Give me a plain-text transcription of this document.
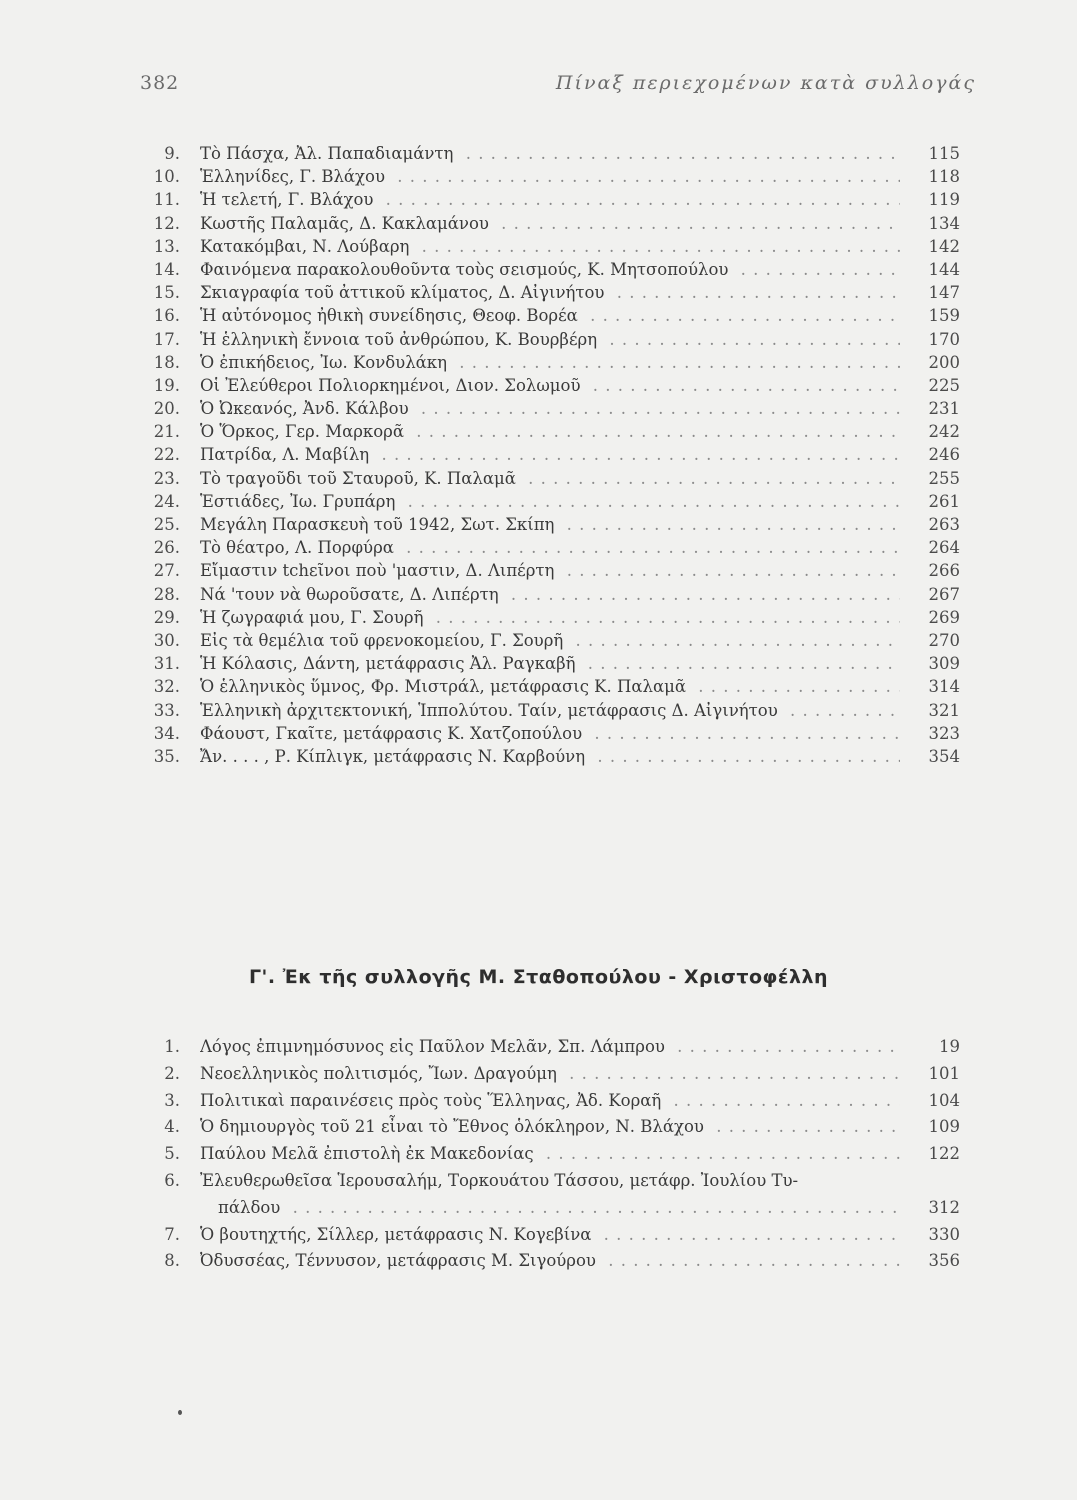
382	Πίναξ περιεχομένων κατὰ συλλογάς
9. Τὸ Πάσχα, Ἀλ. Παπαδιαμάντη . . .	115
10. Ἑλληνίδες, Γ. Βλάχου . . .	118
11. Ἡ τελετή, Γ. Βλάχου . . .	119
12. Κωστῆς Παλαμᾶς, Δ. Κακλαμάνου . . .	134
13. Κατακόμβαι, Ν. Λούβαρη . . .	142
14. Φαινόμενα παρακολουθοῦντα τοὺς σεισμούς, Κ. Μητσοπούλου . . .	144
15. Σκιαγραφία τοῦ ἀττικοῦ κλίματος, Δ. Αἰγινήτου . . .	147
16. Ἡ αὐτόνομος ἠθικὴ συνείδησις, Θεοφ. Βορέα . . .	159
17. Ἡ ἑλληνικὴ ἔννοια τοῦ ἀνθρώπου, Κ. Βουρβέρη . . .	170
18. Ὁ ἐπικήδειος, Ἰω. Κονδυλάκη . . .	200
19. Οἱ Ἐλεύθεροι Πολιορκημένοι, Διον. Σολωμοῦ . . .	225
20. Ὁ Ὠκεανός, Ἀνδ. Κάλβου . . .	231
21. Ὁ Ὅρκος, Γερ. Μαρκορᾶ . . .	242
22. Πατρίδα, Λ. Μαβίλη . . .	246
23. Τὸ τραγοῦδι τοῦ Σταυροῦ, Κ. Παλαμᾶ . . .	255
24. Ἑστιάδες, Ἰω. Γρυπάρη . . .	261
25. Μεγάλη Παρασκευὴ τοῦ 1942, Σωτ. Σκίπη . . .	263
26. Τὸ θέατρο, Λ. Πορφύρα . . .	264
27. Εἴμαστιν tchεῖνοι ποὺ 'μαστιν, Δ. Λιπέρτη . . .	266
28. Νά 'τουν νὰ θωροῦσατε, Δ. Λιπέρτη . . .	267
29. Ἡ ζωγραφιά μου, Γ. Σουρῆ . . .	269
30. Εἰς τὰ θεμέλια τοῦ φρενοκομείου, Γ. Σουρῆ . . .	270
31. Ἡ Κόλασις, Δάντη, μετάφρασις Ἀλ. Ραγκαβῆ . . .	309
32. Ὁ ἑλληνικὸς ὕμνος, Φρ. Μιστράλ, μετάφρασις Κ. Παλαμᾶ . . .	314
33. Ἑλληνικὴ ἀρχιτεκτονική, Ἱππολύτου. Ταίν, μετάφρασις Δ. Αἰγινήτου . . .	321
34. Φάουστ, Γκαῖτε, μετάφρασις Κ. Χατζοπούλου . . .	323
35. Ἄν. . . . , Ρ. Κίπλιγκ, μετάφρασις Ν. Καρβούνη . . .	354
Γ'. Ἐκ τῆς συλλογῆς Μ. Σταθοπούλου - Χριστοφέλλη
1. Λόγος ἐπιμνημόσυνος εἰς Παῦλον Μελᾶν, Σπ. Λάμπρου . . .	19
2. Νεοελληνικὸς πολιτισμός, Ἴων. Δραγούμη . . .	101
3. Πολιτικαὶ παραινέσεις πρὸς τοὺς Ἕλληνας, Ἀδ. Κοραῆ . . .	104
4. Ὁ δημιουργὸς τοῦ 21 εἶναι τὸ Ἔθνος ὁλόκληρον, Ν. Βλάχου . . .	109
5. Παύλου Μελᾶ ἐπιστολὴ ἐκ Μακεδονίας . . .	122
6. Ἐλευθερωθεῖσα Ἱερουσαλήμ, Τορκουάτου Τάσσου, μετάφρ. Ἰουλίου Τυ-
πάλδου . . .	312
7. Ὁ βουτηχτής, Σίλλερ, μετάφρασις Ν. Κογεβίνα . . .	330
8. Ὀδυσσέας, Τέννυσον, μετάφρασις Μ. Σιγούρου . . .	356
